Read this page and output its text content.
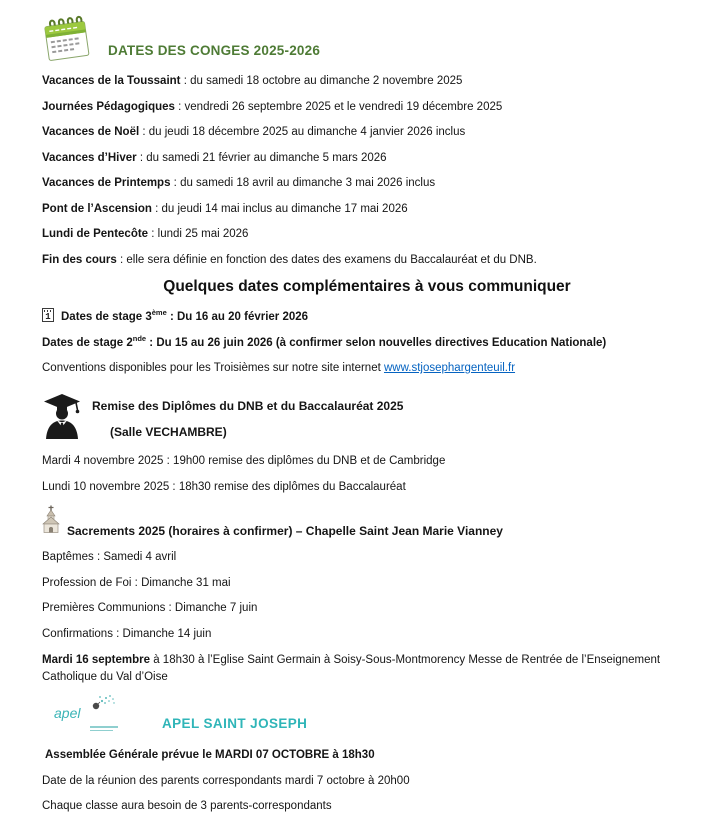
DATES DES CONGES 2025-2026

Vacances de la Toussaint : du samedi 18 octobre au dimanche 2 novembre 2025

Journées Pédagogiques : vendredi 26 septembre 2025 et le vendredi 19 décembre 2025

Vacances de Noël : du jeudi 18 décembre 2025 au dimanche 4 janvier 2026 inclus

Vacances d’Hiver : du samedi 21 février au dimanche 5 mars 2026

Vacances de Printemps : du samedi 18 avril au dimanche 3 mai 2026 inclus

Pont de l’Ascension : du jeudi 14 mai inclus au dimanche 17 mai 2026

Lundi de Pentecôte : lundi 25 mai 2026

Fin des cours : elle sera définie en fonction des dates des examens du Baccalauréat et du DNB.

Quelques dates complémentaires à vous communiquer

1 Dates de stage 3ème : Du 16 au 20 février 2026

Dates de stage 2nde : Du 15 au 26 juin 2026 (à confirmer selon nouvelles directives Education Nationale)

Conventions disponibles pour les Troisièmes sur notre site internet www.stjosephargenteuil.fr

Remise des Diplômes du DNB et du Baccalauréat 2025

(Salle VECHAMBRE)

Mardi 4 novembre 2025 : 19h00 remise des diplômes du DNB et de Cambridge

Lundi 10 novembre 2025 : 18h30 remise des diplômes du Baccalauréat

Sacrements 2025 (horaires à confirmer) – Chapelle Saint Jean Marie Vianney

Baptêmes : Samedi 4 avril

Profession de Foi : Dimanche 31 mai

Premières Communions : Dimanche 7 juin

Confirmations : Dimanche 14 juin

Mardi 16 septembre à 18h30 à l’Eglise Saint Germain à Soisy-Sous-Montmorency Messe de Rentrée de l’Enseignement Catholique du Val d’Oise

apel
APEL SAINT JOSEPH

Assemblée Générale prévue le MARDI 07 OCTOBRE à 18h30

Date de la réunion des parents correspondants mardi 7 octobre à 20h00

Chaque classe aura besoin de 3 parents-correspondants
